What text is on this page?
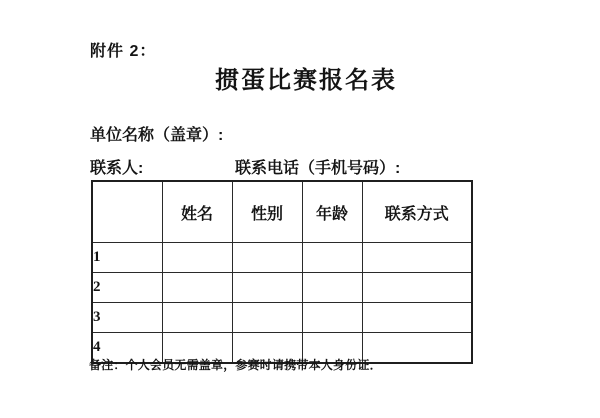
附件 2：
掼蛋比赛报名表
单位名称（盖章）:
联系人:	联系电话（手机号码）:
	姓名	性别	年龄	联系方式
1				
2				
3				
4				
备注：个人会员无需盖章，参赛时请携带本人身份证．
